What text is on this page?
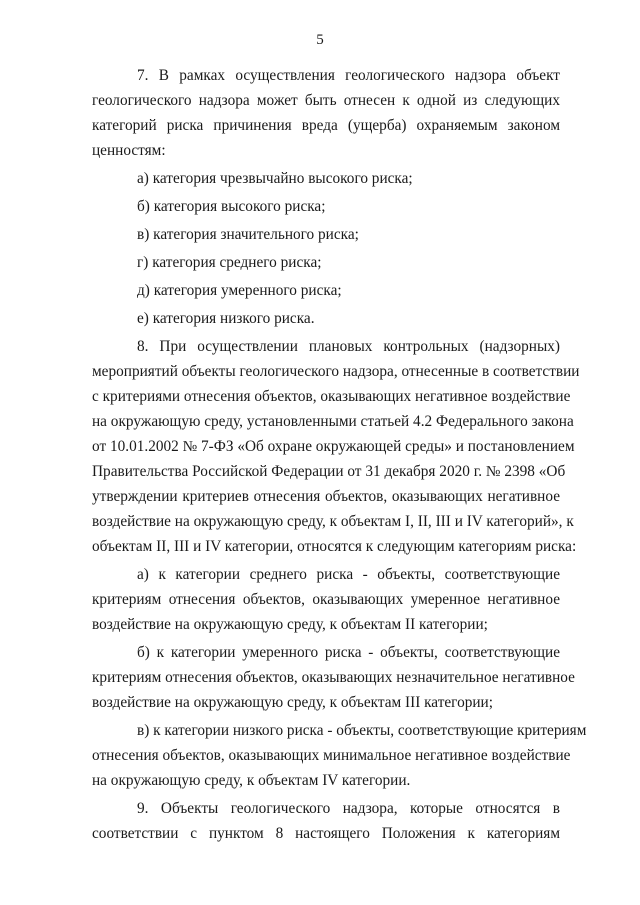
5
7. В рамках осуществления геологического надзора объект
геологического надзора может быть отнесен к одной из следующих
категорий риска причинения вреда (ущерба) охраняемым законом
ценностям:
а) категория чрезвычайно высокого риска;
б) категория высокого риска;
в) категория значительного риска;
г) категория среднего риска;
д) категория умеренного риска;
е) категория низкого риска.
8. При осуществлении плановых контрольных (надзорных)
мероприятий объекты геологического надзора, отнесенные в соответствии
с критериями отнесения объектов, оказывающих негативное воздействие
на окружающую среду, установленными статьей 4.2 Федерального закона
от 10.01.2002 № 7-ФЗ «Об охране окружающей среды» и постановлением
Правительства Российской Федерации от 31 декабря 2020 г. № 2398 «Об
утверждении критериев отнесения объектов, оказывающих негативное
воздействие на окружающую среду, к объектам I, II, III и IV категорий», к
объектам II, III и IV категории, относятся к следующим категориям риска:
а) к категории среднего риска - объекты, соответствующие
критериям отнесения объектов, оказывающих умеренное негативное
воздействие на окружающую среду, к объектам II категории;
б) к категории умеренного риска - объекты, соответствующие
критериям отнесения объектов, оказывающих незначительное негативное
воздействие на окружающую среду, к объектам III категории;
в) к категории низкого риска - объекты, соответствующие критериям
отнесения объектов, оказывающих минимальное негативное воздействие
на окружающую среду, к объектам IV категории.
9. Объекты геологического надзора, которые относятся в
соответствии с пунктом 8 настоящего Положения к категориям
